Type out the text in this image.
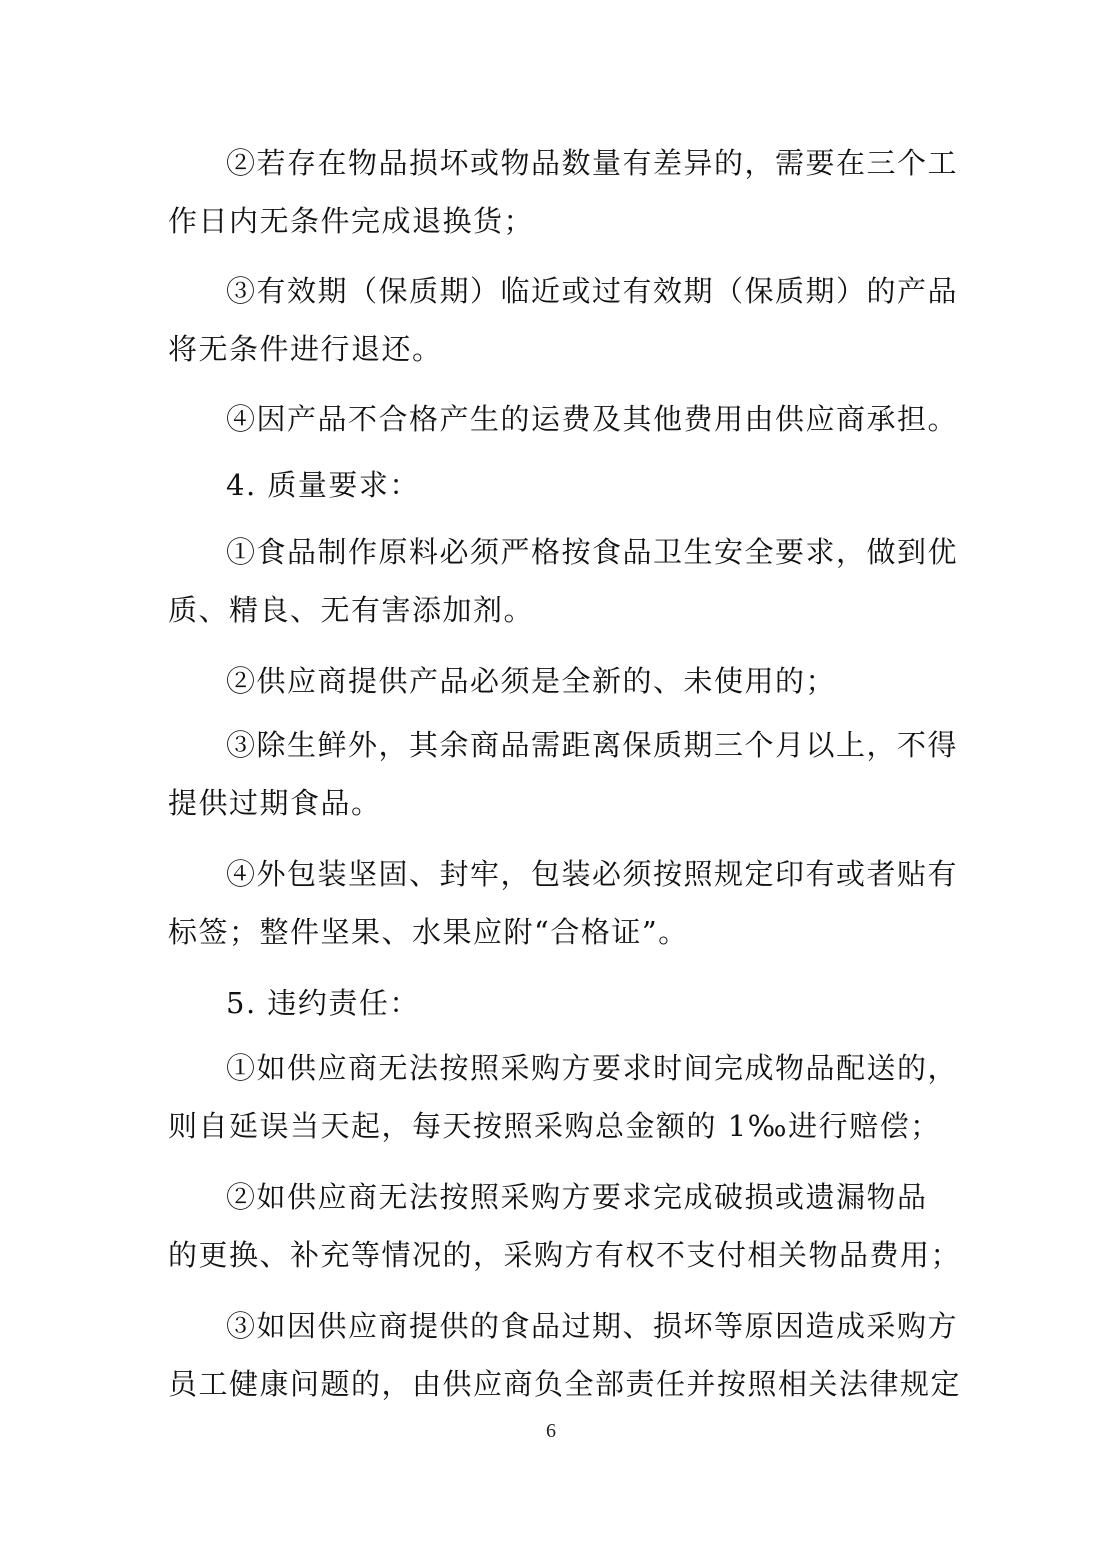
②若存在物品损坏或物品数量有差异的，需要在三个工
作日内无条件完成退换货；
③有效期（保质期）临近或过有效期（保质期）的产品
将无条件进行退还。
④因产品不合格产生的运费及其他费用由供应商承担。
4. 质量要求：
①食品制作原料必须严格按食品卫生安全要求，做到优
质、精良、无有害添加剂。
②供应商提供产品必须是全新的、未使用的；
③除生鲜外，其余商品需距离保质期三个月以上，不得
提供过期食品。
④外包装坚固、封牢，包装必须按照规定印有或者贴有
标签；整件坚果、水果应附“合格证”。
5. 违约责任：
①如供应商无法按照采购方要求时间完成物品配送的，
则自延误当天起，每天按照采购总金额的 1‰进行赔偿；
②如供应商无法按照采购方要求完成破损或遗漏物品
的更换、补充等情况的，采购方有权不支付相关物品费用；
③如因供应商提供的食品过期、损坏等原因造成采购方
员工健康问题的，由供应商负全部责任并按照相关法律规定
6
